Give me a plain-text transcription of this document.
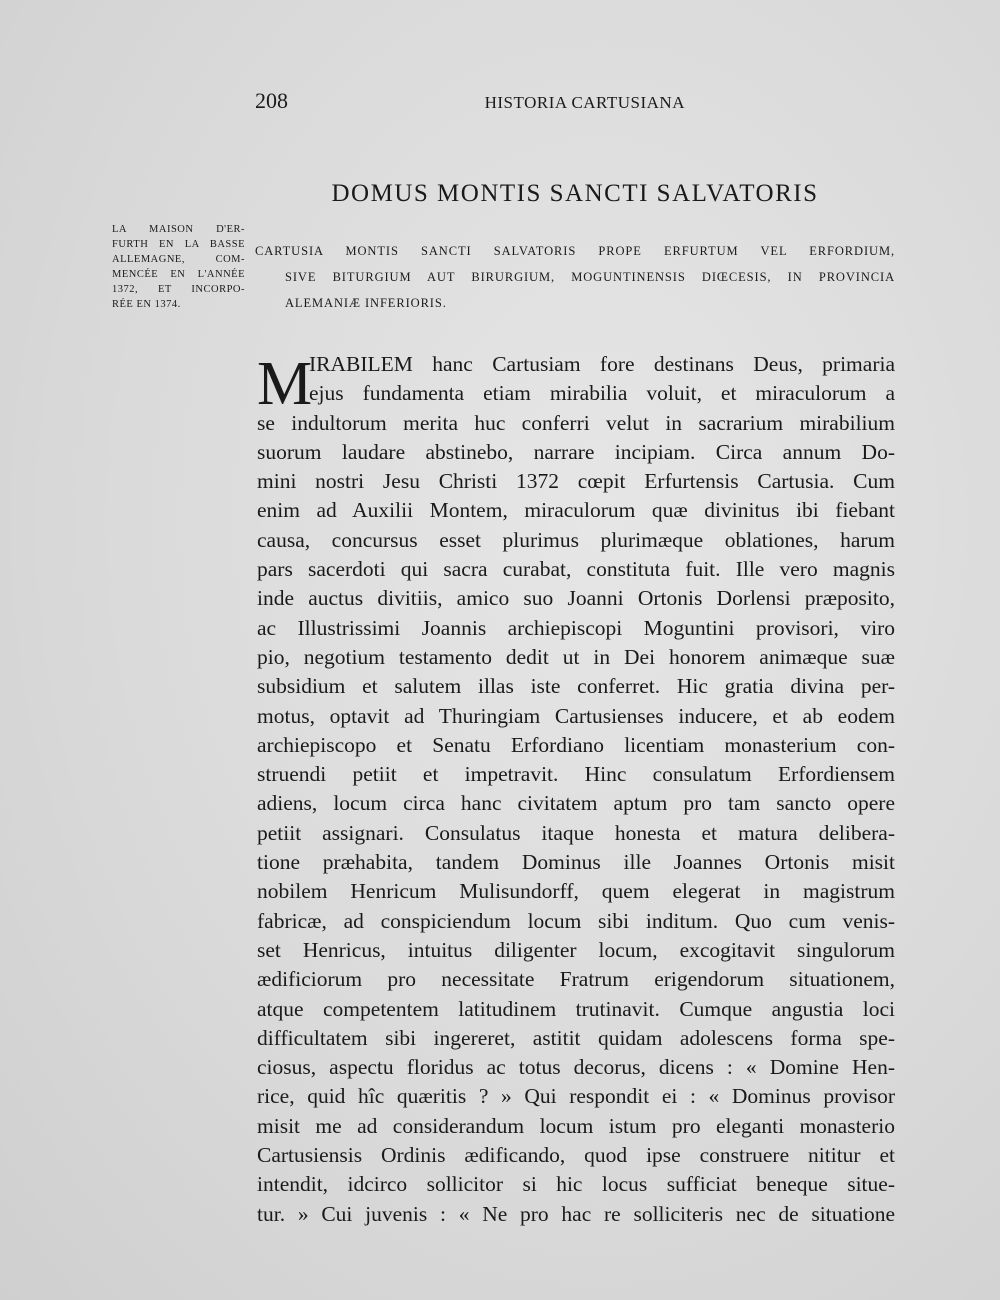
208	HISTORIA CARTUSIANA
DOMUS MONTIS SANCTI SALVATORIS
CARTUSIA MONTIS SANCTI SALVATORIS PROPE ERFURTUM VEL ERFORDIUM,
SIVE BITURGIUM AUT BIRURGIUM, MOGUNTINENSIS DIŒCESIS, IN PROVINCIA
ALEMANIÆ INFERIORIS.
LA MAISON D'ER-
FURTH EN LA BASSE
ALLEMAGNE, COM-
MENCÉE EN L'ANNÉE
1372, ET INCORPO-
RÉE EN 1374.
M
IRABILEM hanc Cartusiam fore destinans Deus, primaria
ejus fundamenta etiam mirabilia voluit, et miraculorum a
se indultorum merita huc conferri velut in sacrarium mirabilium
suorum laudare abstinebo, narrare incipiam. Circa annum Do-
mini nostri Jesu Christi 1372 cœpit Erfurtensis Cartusia. Cum
enim ad Auxilii Montem, miraculorum quæ divinitus ibi fiebant
causa, concursus esset plurimus plurimæque oblationes, harum
pars sacerdoti qui sacra curabat, constituta fuit. Ille vero magnis
inde auctus divitiis, amico suo Joanni Ortonis Dorlensi præposito,
ac Illustrissimi Joannis archiepiscopi Moguntini provisori, viro
pio, negotium testamento dedit ut in Dei honorem animæque suæ
subsidium et salutem illas iste conferret. Hic gratia divina per-
motus, optavit ad Thuringiam Cartusienses inducere, et ab eodem
archiepiscopo et Senatu Erfordiano licentiam monasterium con-
struendi petiit et impetravit. Hinc consulatum Erfordiensem
adiens, locum circa hanc civitatem aptum pro tam sancto opere
petiit assignari. Consulatus itaque honesta et matura delibera-
tione præhabita, tandem Dominus ille Joannes Ortonis misit
nobilem Henricum Mulisundorff, quem elegerat in magistrum
fabricæ, ad conspiciendum locum sibi inditum. Quo cum venis-
set Henricus, intuitus diligenter locum, excogitavit singulorum
ædificiorum pro necessitate Fratrum erigendorum situationem,
atque competentem latitudinem trutinavit. Cumque angustia loci
difficultatem sibi ingereret, astitit quidam adolescens forma spe-
ciosus, aspectu floridus ac totus decorus, dicens : « Domine Hen-
rice, quid hîc quæritis ? » Qui respondit ei : « Dominus provisor
misit me ad considerandum locum istum pro eleganti monasterio
Cartusiensis Ordinis ædificando, quod ipse construere nititur et
intendit, idcirco sollicitor si hic locus sufficiat beneque situe-
tur. » Cui juvenis : « Ne pro hac re solliciteris nec de situatione
